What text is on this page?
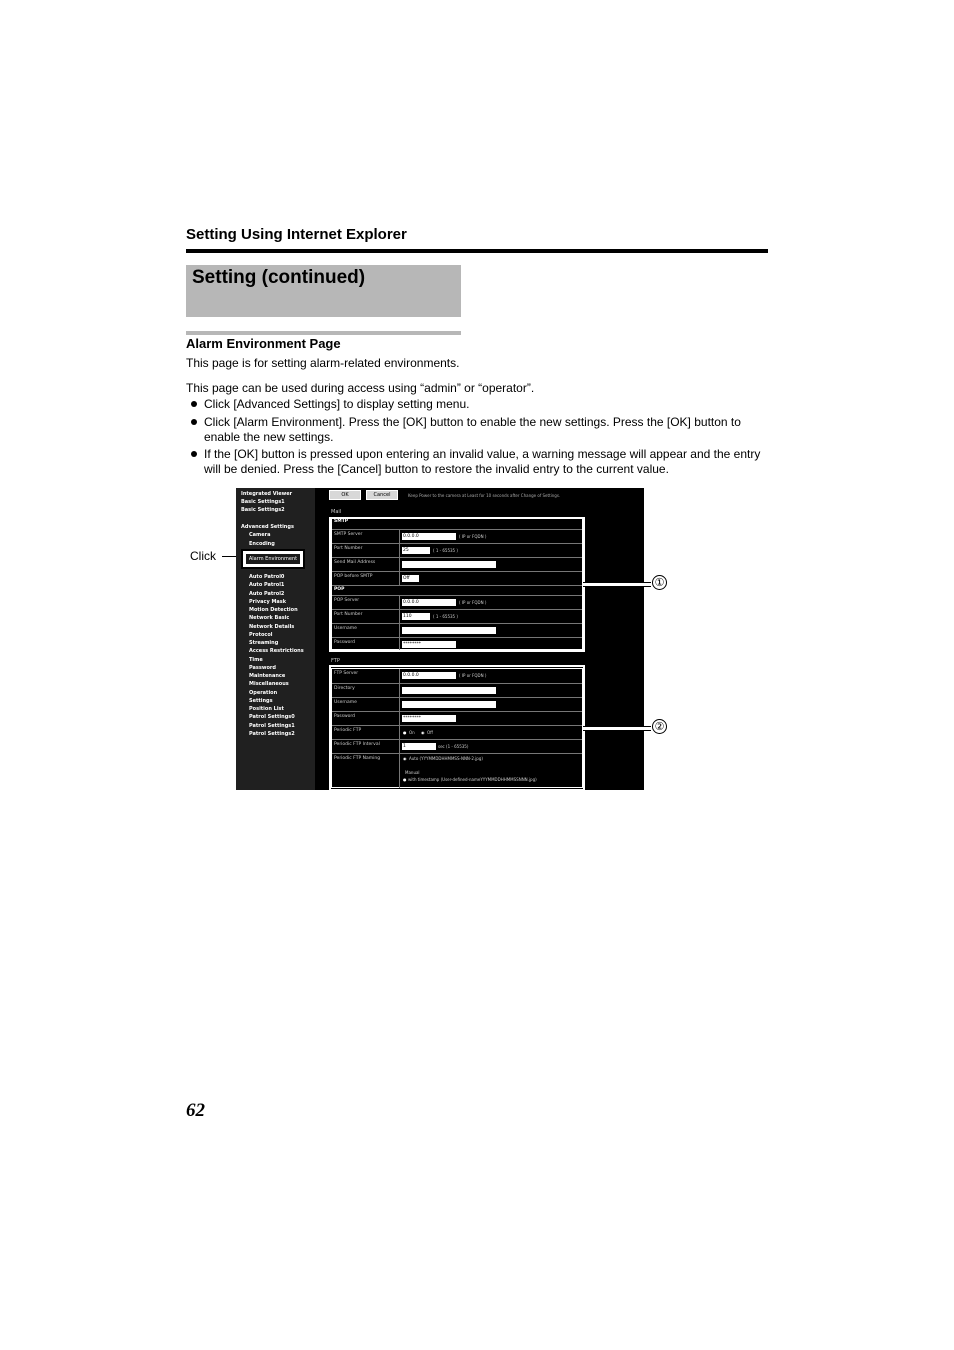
Setting Using Internet Explorer
Setting (continued)
Alarm Environment Page
This page is for setting alarm-related environments.
This page can be used during access using “admin” or “operator”.
Click [Advanced Settings] to display setting menu.
Click [Alarm Environment]. Press the [OK] button to enable the new settings. Press the [OK] button to enable the new settings.
If the [OK] button is pressed upon entering an invalid value, a warning message will appear and the entry will be denied. Press the [Cancel] button to restore the invalid entry to the current value.
Click
Integrated Viewer
Basic Settings1
Basic Settings2
Advanced Settings
Camera
Encoding
Auto Patrol0
Auto Patrol1
Auto Patrol2
Privacy Mask
Motion Detection
Network Basic
Network Details
Protocol
Streaming
Access Restrictions
Time
Password
Maintenance
Miscellaneous
Operation
Settings
Position List
Patrol Settings0
Patrol Settings1
Patrol Settings2
OK	Cancel	Keep Power to the camera at Least for 10 seconds after Change of Settings.
Mail
SMTP
SMTP Server	0.0.0.0	( IP or FQDN )
Port Number	25	( 1 - 65535 )
Send Mail Address
POP before SMTP	Off
POP
POP Server	0.0.0.0	( IP or FQDN )
Port Number	110	( 1 - 65535 )
Username
Password	********
FTP
FTP Server	0.0.0.0	( IP or FQDN )
Directory
Username
Password	********
Periodic FTP	● On ◉ Off
Periodic FTP Interval	1	sec (1 - 65535)
Periodic FTP Naming	◉ Auto (YYYMMDDHHMMSS-NNN-2.jpg)
Manual
● with timestamp (User-defined-nameYYYMMDDHHMMSSNNN.jpg)
Alarm Environment
①
②
62
